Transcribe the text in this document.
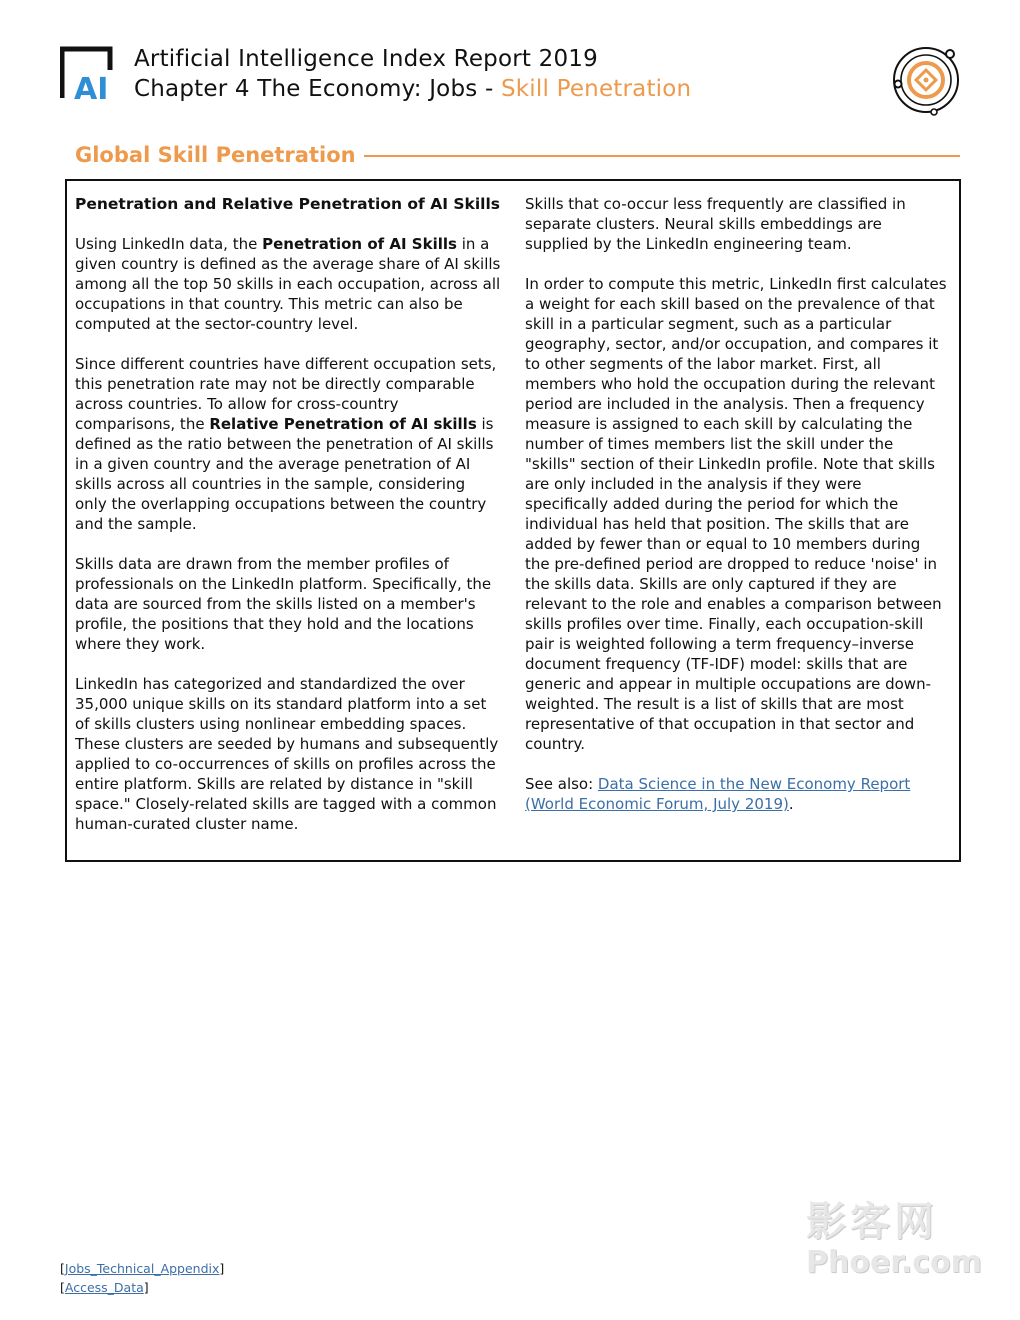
AI
Artificial Intelligence Index Report 2019
Chapter 4 The Economy: Jobs - Skill Penetration
Global Skill Penetration
Penetration and Relative Penetration of AI Skills

Using LinkedIn data, the Penetration of AI Skills in a given country is defined as the average share of AI skills among all the top 50 skills in each occupation, across all occupations in that country. This metric can also be computed at the sector-country level.

Since different countries have different occupation sets, this penetration rate may not be directly comparable across countries. To allow for cross-country comparisons, the Relative Penetration of AI skills is defined as the ratio between the penetration of AI skills in a given country and the average penetration of AI skills across all countries in the sample, considering only the overlapping occupations between the country and the sample.

Skills data are drawn from the member profiles of professionals on the LinkedIn platform. Specifically, the data are sourced from the skills listed on a member's profile, the positions that they hold and the locations where they work.

LinkedIn has categorized and standardized the over 35,000 unique skills on its standard platform into a set of skills clusters using nonlinear embedding spaces. These clusters are seeded by humans and subsequently applied to co-occurrences of skills on profiles across the entire platform. Skills are related by distance in "skill space." Closely-related skills are tagged with a common human-curated cluster name.

Skills that co-occur less frequently are classified in separate clusters. Neural skills embeddings are supplied by the LinkedIn engineering team.

In order to compute this metric, LinkedIn first calculates a weight for each skill based on the prevalence of that skill in a particular segment, such as a particular geography, sector, and/or occupation, and compares it to other segments of the labor market. First, all members who hold the occupation during the relevant period are included in the analysis. Then a frequency measure is assigned to each skill by calculating the number of times members list the skill under the "skills" section of their LinkedIn profile. Note that skills are only included in the analysis if they were specifically added during the period for which the individual has held that position. The skills that are added by fewer than or equal to 10 members during the pre-defined period are dropped to reduce 'noise' in the skills data. Skills are only captured if they are relevant to the role and enables a comparison between skills profiles over time. Finally, each occupation-skill pair is weighted following a term frequency–inverse document frequency (TF-IDF) model: skills that are generic and appear in multiple occupations are down-weighted. The result is a list of skills that are most representative of that occupation in that sector and country.

See also: Data Science in the New Economy Report (World Economic Forum, July 2019).

[Jobs_Technical_Appendix]
[Access_Data]
影客网
Phoer.com
